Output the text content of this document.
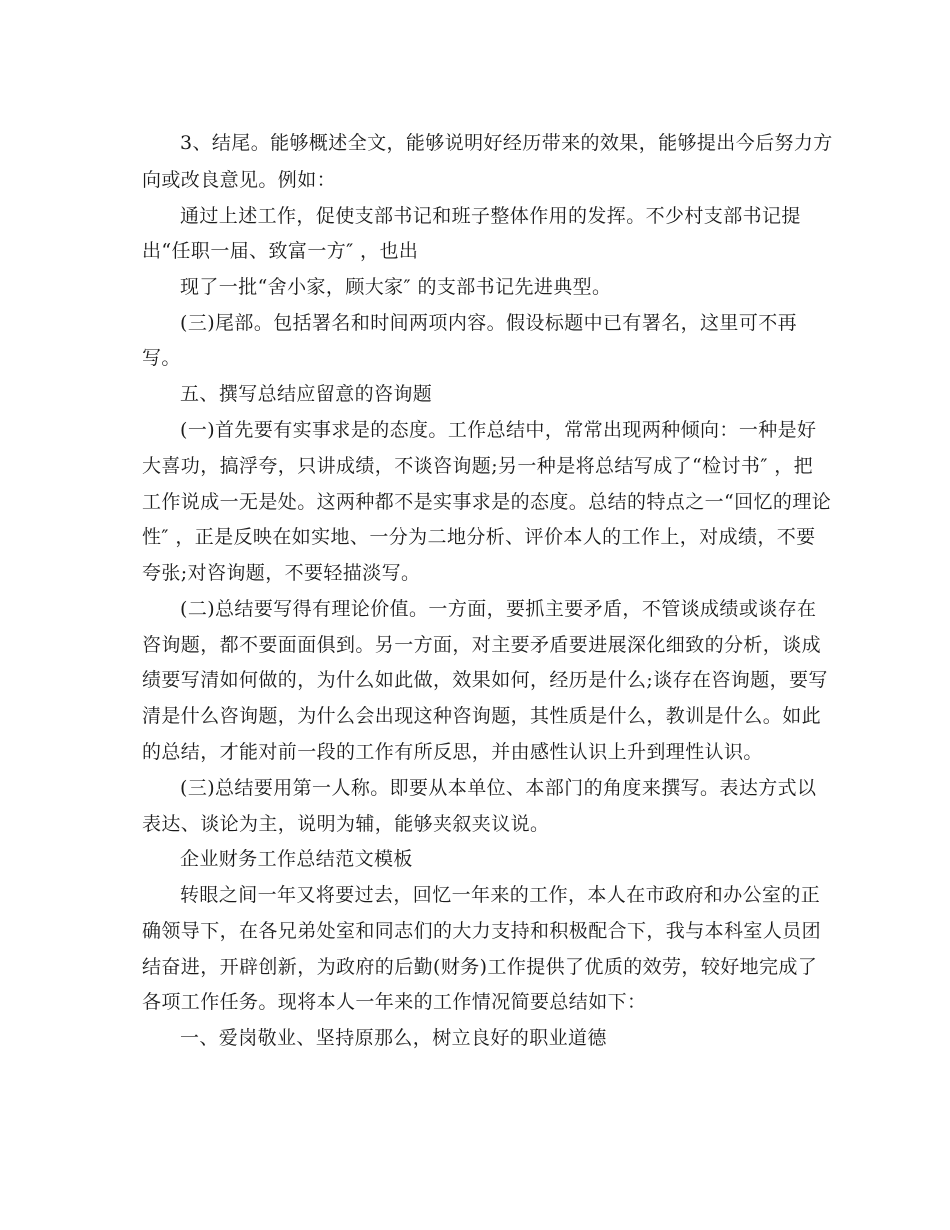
3、结尾。能够概述全文，能够说明好经历带来的效果，能够提出今后努力方
向或改良意见。例如：
通过上述工作，促使支部书记和班子整体作用的发挥。不少村支部书记提
出“任职一届、致富一方″ ，也出
现了一批“舍小家，顾大家″ 的支部书记先进典型。
(三)尾部。包括署名和时间两项内容。假设标题中已有署名，这里可不再
写。
五、撰写总结应留意的咨询题
(一)首先要有实事求是的态度。工作总结中，常常出现两种倾向：一种是好
大喜功，搞浮夸，只讲成绩，不谈咨询题;另一种是将总结写成了“检讨书″ ，把
工作说成一无是处。这两种都不是实事求是的态度。总结的特点之一“回忆的理论
性″ ，正是反映在如实地、一分为二地分析、评价本人的工作上，对成绩，不要
夸张;对咨询题，不要轻描淡写。
(二)总结要写得有理论价值。一方面，要抓主要矛盾，不管谈成绩或谈存在
咨询题，都不要面面俱到。另一方面，对主要矛盾要进展深化细致的分析，谈成
绩要写清如何做的，为什么如此做，效果如何，经历是什么;谈存在咨询题，要写
清是什么咨询题，为什么会出现这种咨询题，其性质是什么，教训是什么。如此
的总结，才能对前一段的工作有所反思，并由感性认识上升到理性认识。
(三)总结要用第一人称。即要从本单位、本部门的角度来撰写。表达方式以
表达、谈论为主，说明为辅，能够夹叙夹议说。
企业财务工作总结范文模板
转眼之间一年又将要过去，回忆一年来的工作，本人在市政府和办公室的正
确领导下，在各兄弟处室和同志们的大力支持和积极配合下，我与本科室人员团
结奋进，开辟创新，为政府的后勤(财务)工作提供了优质的效劳，较好地完成了
各项工作任务。现将本人一年来的工作情况简要总结如下：
一、爱岗敬业、坚持原那么，树立良好的职业道德
